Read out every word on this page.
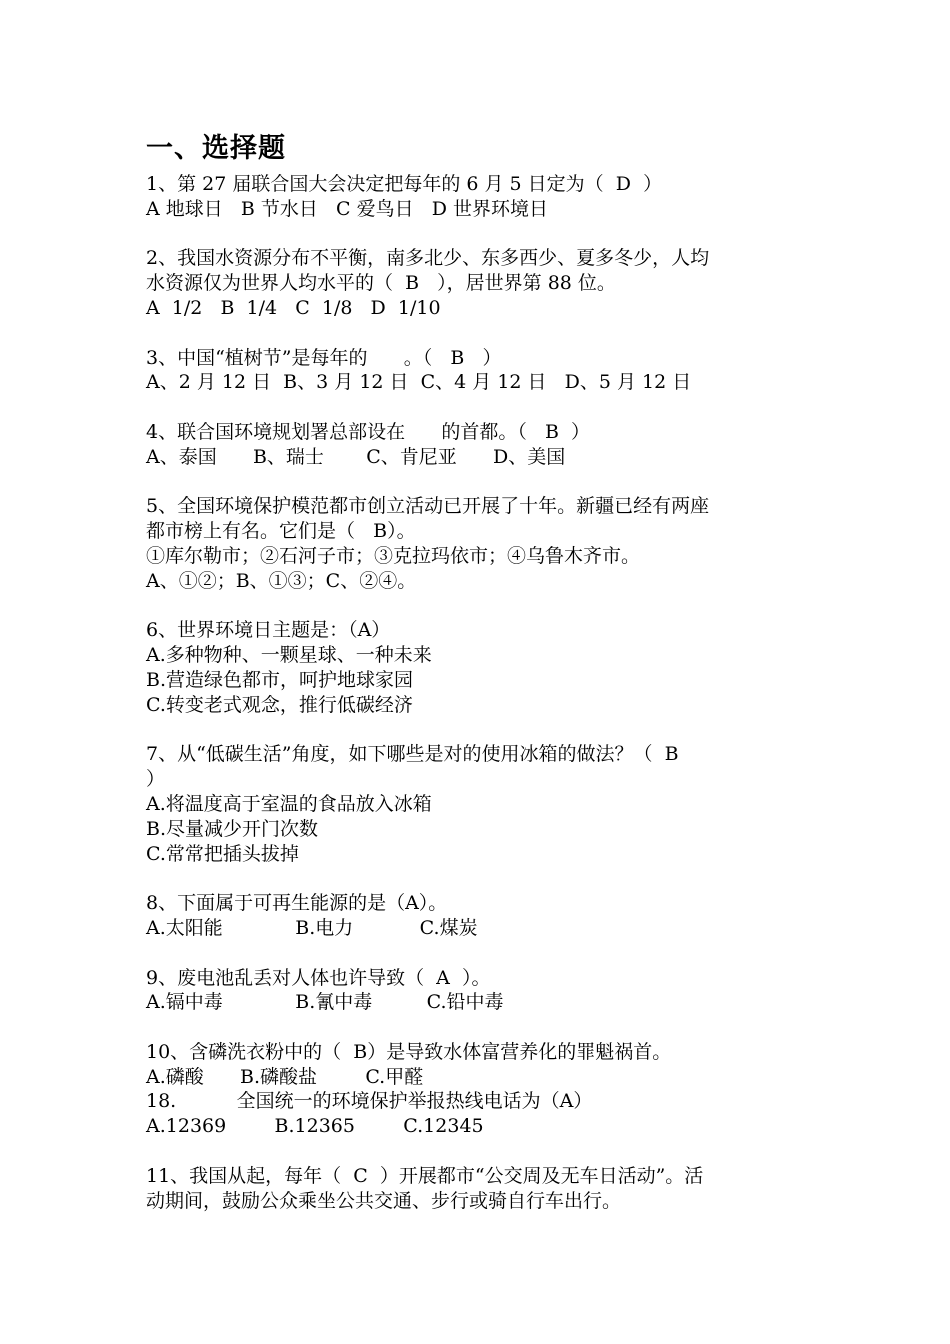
一、选择题
1、第 27 届联合国大会决定把每年的 6 月 5 日定为（  D  ）
A 地球日   B 节水日   C 爱鸟日   D 世界环境日
2、我国水资源分布不平衡，南多北少、东多西少、夏多冬少，人均
水资源仅为世界人均水平的（  B   ），居世界第 88 位。
A  1/2   B  1/4   C  1/8   D  1/10
3、中国“植树节”是每年的      。（   B   ）
A、2 月 12 日  B、3 月 12 日  C、4 月 12 日   D、5 月 12 日
4、联合国环境规划署总部设在      的首都。（   B  ）
A、泰国      B、瑞士       C、肯尼亚      D、美国
5、全国环境保护模范都市创立活动已开展了十年。新疆已经有两座
都市榜上有名。它们是（   B）。
①库尔勒市；②石河子市；③克拉玛依市；④乌鲁木齐市。
A、①②；B、①③；C、②④。
6、世界环境日主题是：（A）
A.多种物种、一颗星球、一种未来
B.营造绿色都市，呵护地球家园
C.转变老式观念，推行低碳经济
7、从“低碳生活”角度，如下哪些是对的使用冰箱的做法？（  B
）
A.将温度高于室温的食品放入冰箱
B.尽量减少开门次数
C.常常把插头拔掉
8、下面属于可再生能源的是（A）。
A.太阳能            B.电力           C.煤炭
9、废电池乱丢对人体也许导致（  A  ）。
A.镉中毒            B.氰中毒         C.铅中毒
10、含磷洗衣粉中的（  B）是导致水体富营养化的罪魁祸首。
A.磷酸      B.磷酸盐        C.甲醛
18.          全国统一的环境保护举报热线电话为（A）
A.12369        B.12365        C.12345
11、我国从起，每年（  C  ）开展都市“公交周及无车日活动”。活
动期间，鼓励公众乘坐公共交通、步行或骑自行车出行。
